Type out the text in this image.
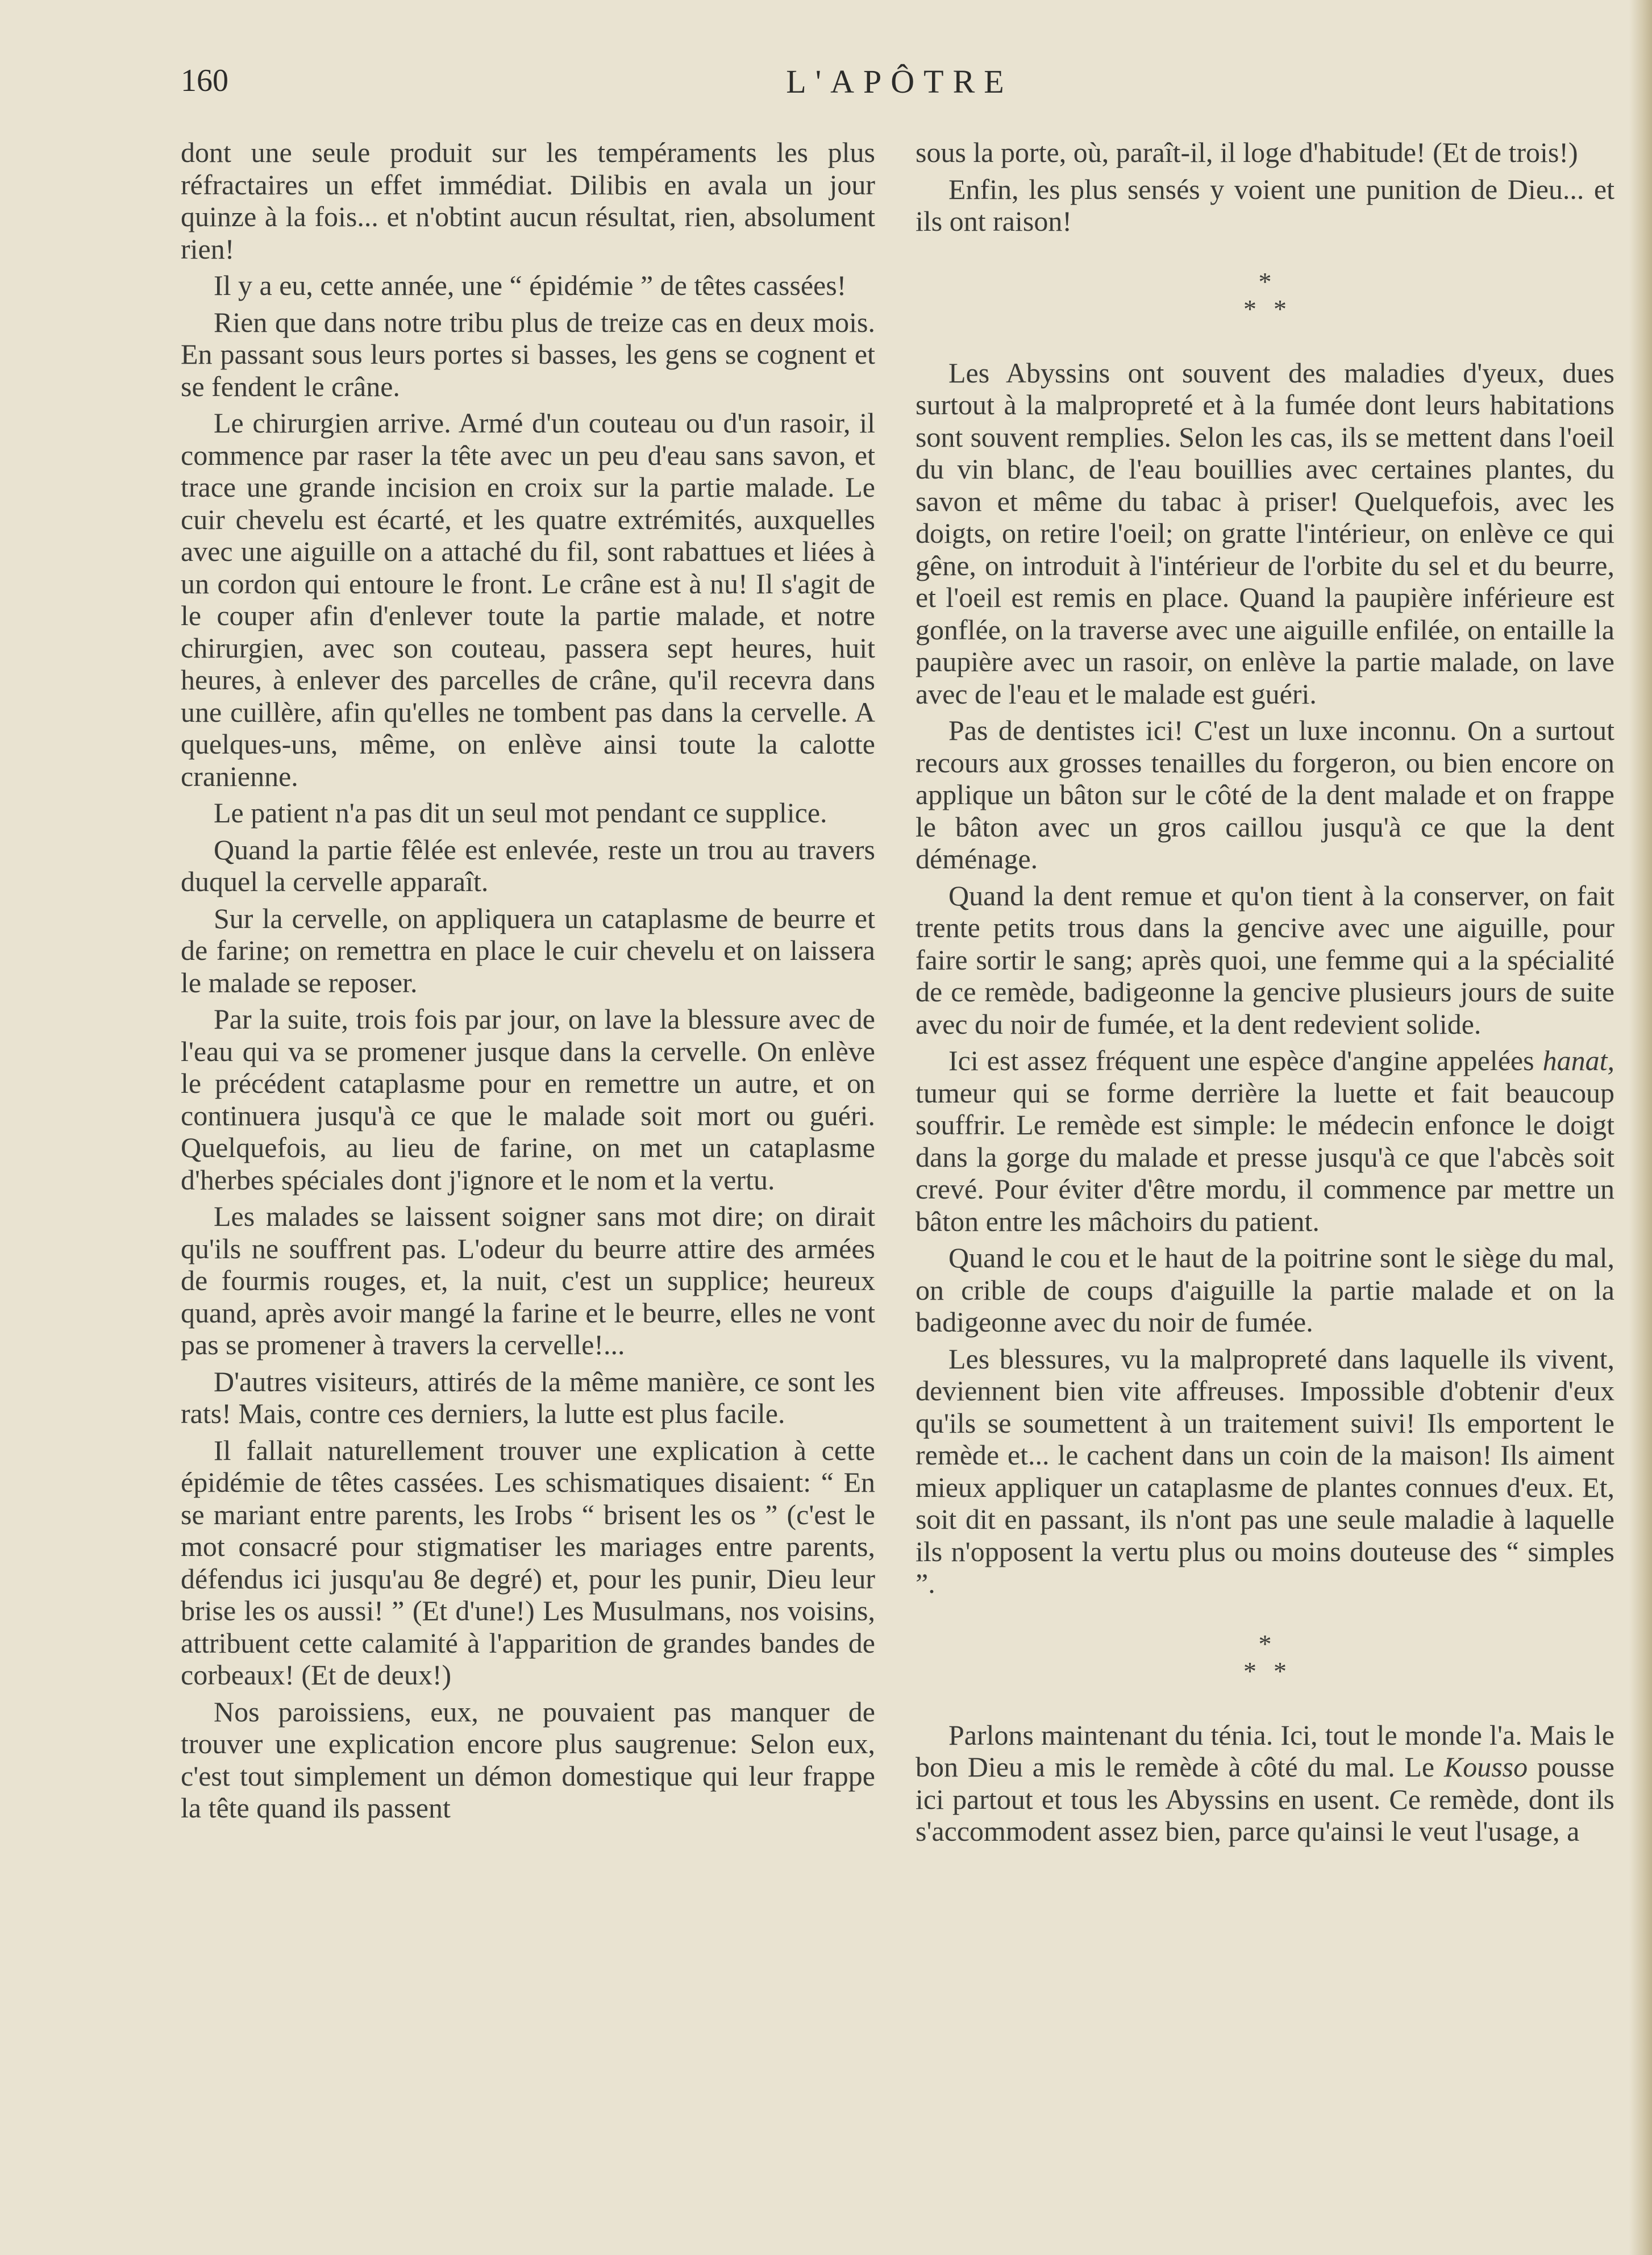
160	L'APÔTRE

dont une seule produit sur les tempéraments les plus réfractaires un effet immédiat. Dilibis en avala un jour quinze à la fois... et n'obtint aucun résultat, rien, absolument rien!

Il y a eu, cette année, une “ épidémie ” de têtes cassées!

Rien que dans notre tribu plus de treize cas en deux mois. En passant sous leurs portes si basses, les gens se cognent et se fendent le crâne.

Le chirurgien arrive. Armé d'un couteau ou d'un rasoir, il commence par raser la tête avec un peu d'eau sans savon, et trace une grande incision en croix sur la partie malade. Le cuir chevelu est écarté, et les quatre extrémités, auxquelles avec une aiguille on a attaché du fil, sont rabattues et liées à un cordon qui entoure le front. Le crâne est à nu! Il s'agit de le couper afin d'enlever toute la partie malade, et notre chirurgien, avec son couteau, passera sept heures, huit heures, à enlever des parcelles de crâne, qu'il recevra dans une cuillère, afin qu'elles ne tombent pas dans la cervelle. A quelques-uns, même, on enlève ainsi toute la calotte cranienne.

Le patient n'a pas dit un seul mot pendant ce supplice.

Quand la partie fêlée est enlevée, reste un trou au travers duquel la cervelle apparaît.

Sur la cervelle, on appliquera un cataplasme de beurre et de farine; on remettra en place le cuir chevelu et on laissera le malade se reposer.

Par la suite, trois fois par jour, on lave la blessure avec de l'eau qui va se promener jusque dans la cervelle. On enlève le précédent cataplasme pour en remettre un autre, et on continuera jusqu'à ce que le malade soit mort ou guéri. Quelquefois, au lieu de farine, on met un cataplasme d'herbes spéciales dont j'ignore et le nom et la vertu.

Les malades se laissent soigner sans mot dire; on dirait qu'ils ne souffrent pas. L'odeur du beurre attire des armées de fourmis rouges, et, la nuit, c'est un supplice; heureux quand, après avoir mangé la farine et le beurre, elles ne vont pas se promener à travers la cervelle!...

D'autres visiteurs, attirés de la même manière, ce sont les rats! Mais, contre ces derniers, la lutte est plus facile.

Il fallait naturellement trouver une explication à cette épidémie de têtes cassées. Les schismatiques disaient: “ En se mariant entre parents, les Irobs “ brisent les os ” (c'est le mot consacré pour stigmatiser les mariages entre parents, défendus ici jusqu'au 8e degré) et, pour les punir, Dieu leur brise les os aussi! ” (Et d'une!) Les Musulmans, nos voisins, attribuent cette calamité à l'apparition de grandes bandes de corbeaux! (Et de deux!)

Nos paroissiens, eux, ne pouvaient pas manquer de trouver une explication encore plus saugrenue: Selon eux, c'est tout simplement un démon domestique qui leur frappe la tête quand ils passent

sous la porte, où, paraît-il, il loge d'habitude! (Et de trois!)

Enfin, les plus sensés y voient une punition de Dieu... et ils ont raison!

*
**

Les Abyssins ont souvent des maladies d'yeux, dues surtout à la malpropreté et à la fumée dont leurs habitations sont souvent remplies. Selon les cas, ils se mettent dans l'oeil du vin blanc, de l'eau bouillies avec certaines plantes, du savon et même du tabac à priser! Quelquefois, avec les doigts, on retire l'oeil; on gratte l'intérieur, on enlève ce qui gêne, on introduit à l'intérieur de l'orbite du sel et du beurre, et l'oeil est remis en place. Quand la paupière inférieure est gonflée, on la traverse avec une aiguille enfilée, on entaille la paupière avec un rasoir, on enlève la partie malade, on lave avec de l'eau et le malade est guéri.

Pas de dentistes ici! C'est un luxe inconnu. On a surtout recours aux grosses tenailles du forgeron, ou bien encore on applique un bâton sur le côté de la dent malade et on frappe le bâton avec un gros caillou jusqu'à ce que la dent déménage.

Quand la dent remue et qu'on tient à la conserver, on fait trente petits trous dans la gencive avec une aiguille, pour faire sortir le sang; après quoi, une femme qui a la spécialité de ce remède, badigeonne la gencive plusieurs jours de suite avec du noir de fumée, et la dent redevient solide.

Ici est assez fréquent une espèce d'angine appelées hanat, tumeur qui se forme derrière la luette et fait beaucoup souffrir. Le remède est simple: le médecin enfonce le doigt dans la gorge du malade et presse jusqu'à ce que l'abcès soit crevé. Pour éviter d'être mordu, il commence par mettre un bâton entre les mâchoirs du patient.

Quand le cou et le haut de la poitrine sont le siège du mal, on crible de coups d'aiguille la partie malade et on la badigeonne avec du noir de fumée.

Les blessures, vu la malpropreté dans laquelle ils vivent, deviennent bien vite affreuses. Impossible d'obtenir d'eux qu'ils se soumettent à un traitement suivi! Ils emportent le remède et... le cachent dans un coin de la maison! Ils aiment mieux appliquer un cataplasme de plantes connues d'eux. Et, soit dit en passant, ils n'ont pas une seule maladie à laquelle ils n'opposent la vertu plus ou moins douteuse des “ simples ”.

*
**

Parlons maintenant du ténia. Ici, tout le monde l'a. Mais le bon Dieu a mis le remède à côté du mal. Le Kousso pousse ici partout et tous les Abyssins en usent. Ce remède, dont ils s'accommodent assez bien, parce qu'ainsi le veut l'usage, a
